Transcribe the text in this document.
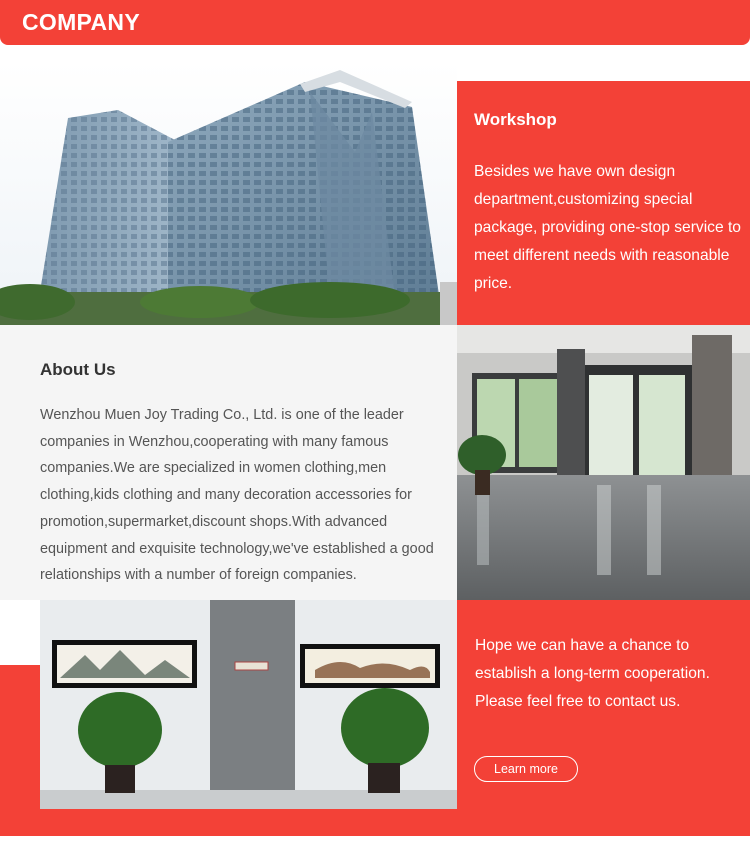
COMPANY
Workshop
Besides we have own design department,customizing special package, providing one-stop service to meet different needs with reasonable price.
About Us
Wenzhou Muen Joy Trading Co., Ltd. is one of the leader companies in Wenzhou,cooperating with many famous companies.We are specialized in women clothing,men clothing,kids clothing and many decoration accessories for promotion,supermarket,discount shops.With advanced equipment and exquisite technology,we've established a good relationships with a number of foreign companies.
Hope we can have a chance to establish a long-term cooperation. Please feel free to contact us.
Learn more
